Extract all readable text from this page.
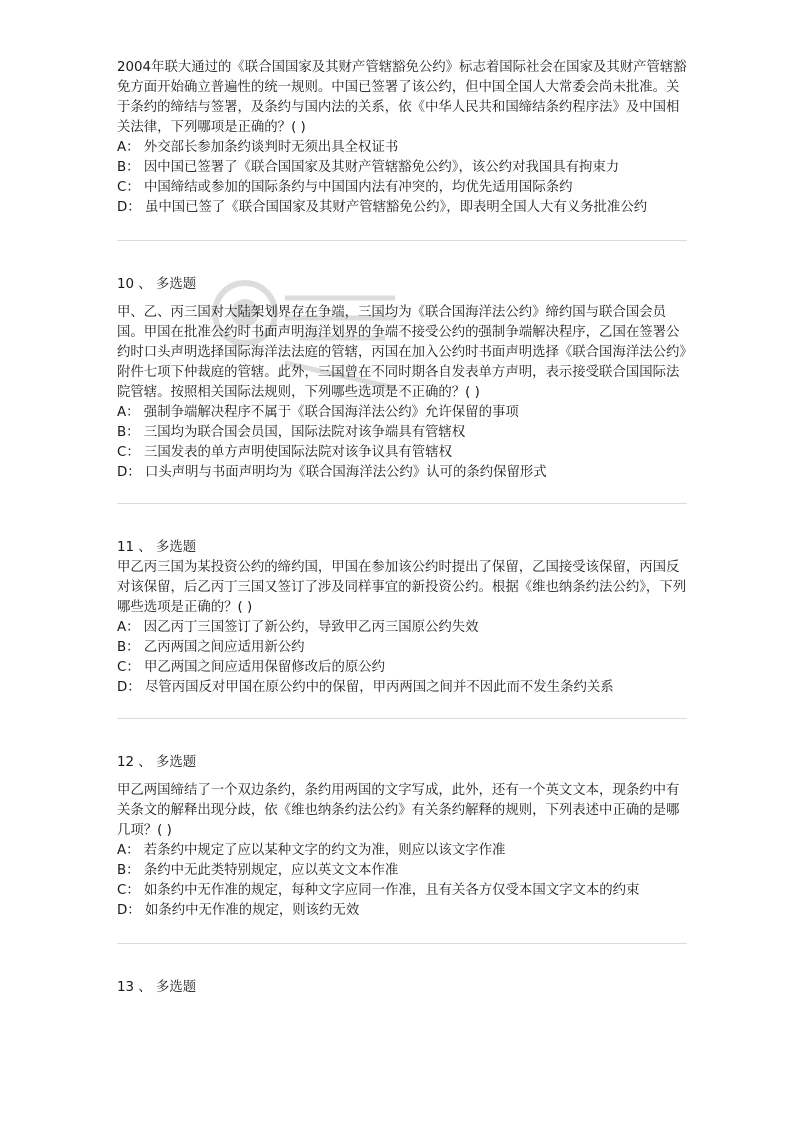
2004年联大通过的《联合国国家及其财产管辖豁免公约》标志着国际社会在国家及其财产管辖豁免方面开始确立普遍性的统一规则。中国已签署了该公约，但中国全国人大常委会尚未批准。关于条约的缔结与签署，及条约与国内法的关系，依《中华人民共和国缔结条约程序法》及中国相关法律，下列哪项是正确的？( )

A： 外交部长参加条约谈判时无须出具全权证书

B： 因中国已签署了《联合国国家及其财产管辖豁免公约》，该公约对我国具有拘束力

C： 中国缔结或参加的国际条约与中国国内法有冲突的，均优先适用国际条约

D： 虽中国已签了《联合国国家及其财产管辖豁免公约》，即表明全国人大有义务批准公约

10 、 多选题

甲、乙、丙三国对大陆架划界存在争端，三国均为《联合国海洋法公约》缔约国与联合国会员国。甲国在批准公约时书面声明海洋划界的争端不接受公约的强制争端解决程序，乙国在签署公约时口头声明选择国际海洋法法庭的管辖，丙国在加入公约时书面声明选择《联合国海洋法公约》附件七项下仲裁庭的管辖。此外，三国曾在不同时期各自发表单方声明，表示接受联合国国际法院管辖。按照相关国际法规则，下列哪些选项是不正确的？( )

A： 强制争端解决程序不属于《联合国海洋法公约》允许保留的事项

B： 三国均为联合国会员国，国际法院对该争端具有管辖权

C： 三国发表的单方声明使国际法院对该争议具有管辖权

D： 口头声明与书面声明均为《联合国海洋法公约》认可的条约保留形式

11 、 多选题

甲乙丙三国为某投资公约的缔约国，甲国在参加该公约时提出了保留，乙国接受该保留，丙国反对该保留，后乙丙丁三国又签订了涉及同样事宜的新投资公约。根据《维也纳条约法公约》，下列哪些选项是正确的？( )

A： 因乙丙丁三国签订了新公约，导致甲乙丙三国原公约失效

B： 乙丙两国之间应适用新公约

C： 甲乙两国之间应适用保留修改后的原公约

D： 尽管丙国反对甲国在原公约中的保留，甲丙两国之间并不因此而不发生条约关系

12 、 多选题

甲乙两国缔结了一个双边条约，条约用两国的文字写成，此外，还有一个英文文本，现条约中有关条文的解释出现分歧，依《维也纳条约法公约》有关条约解释的规则，下列表述中正确的是哪几项？( )

A： 若条约中规定了应以某种文字的约文为准，则应以该文字作准

B： 条约中无此类特别规定，应以英文文本作准

C： 如条约中无作准的规定，每种文字应同一作准，且有关各方仅受本国文字文本的约束

D： 如条约中无作准的规定，则该约无效

13 、 多选题
